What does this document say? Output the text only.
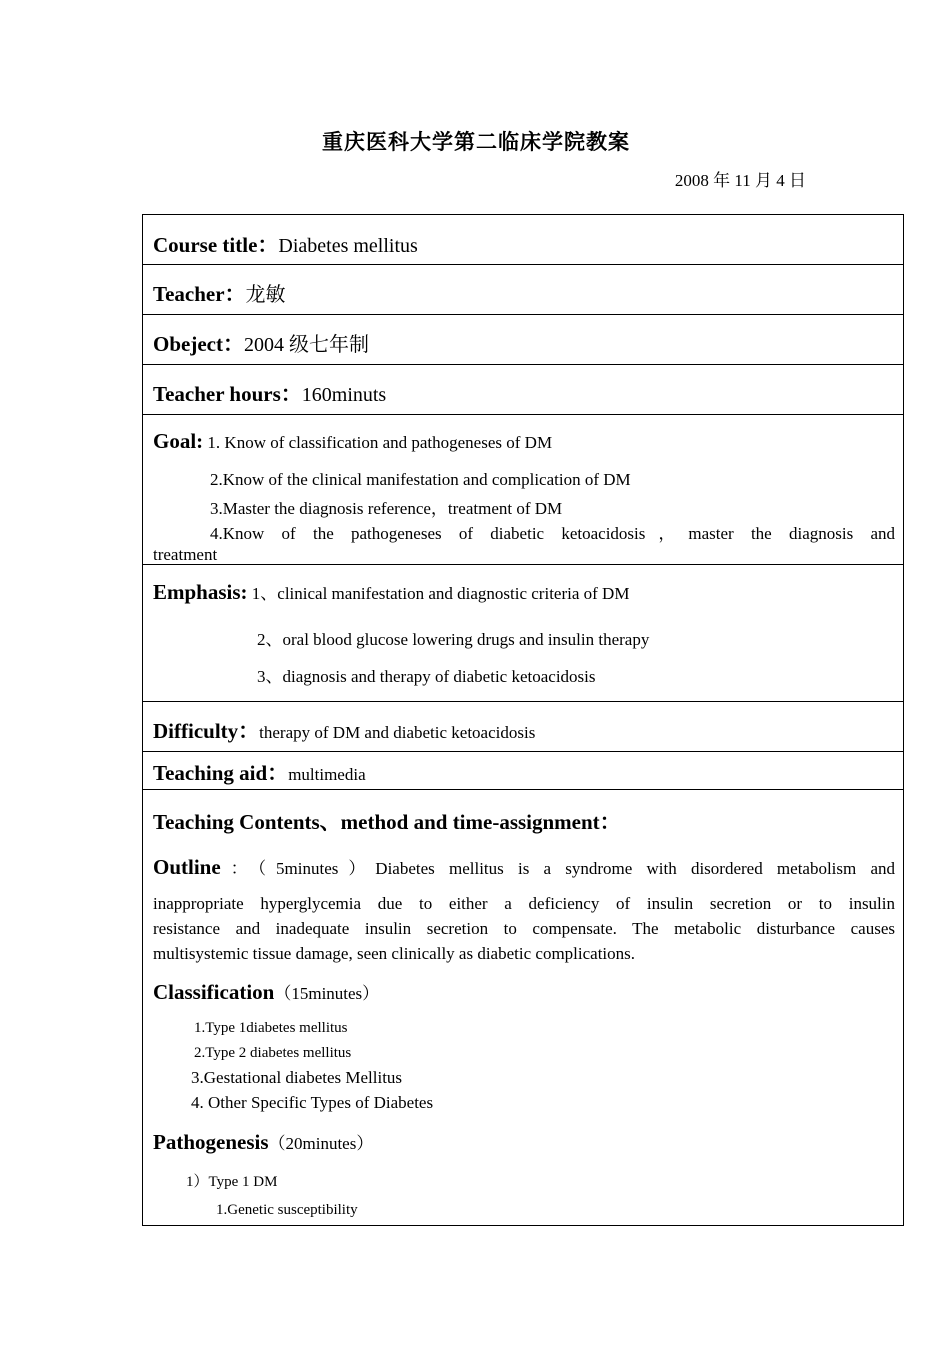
重庆医科大学第二临床学院教案
2008 年 11 月 4 日
Course title：Diabetes mellitus
Teacher：龙敏
Obeject：2004 级七年制
Teacher hours：160minuts
Goal: 1. Know of classification and pathogeneses of DM
2.Know of the clinical manifestation and complication of DM
3.Master the diagnosis reference，treatment of DM
4.Know of the pathogeneses of diabetic ketoacidosis，master the diagnosis and
treatment
Emphasis: 1、clinical manifestation and diagnostic criteria of DM
2、oral blood glucose lowering drugs and insulin therapy
3、diagnosis and therapy of diabetic ketoacidosis
Difficulty：therapy of DM and diabetic ketoacidosis
Teaching aid：multimedia
Teaching Contents、method and time-assignment：
Outline：（5minutes）Diabetes mellitus is a syndrome with disordered metabolism and
inappropriate hyperglycemia due to either a deficiency of insulin secretion or to insulin
resistance and inadequate insulin secretion to compensate. The metabolic disturbance causes
multisystemic tissue damage, seen clinically as diabetic complications.
Classification（15minutes）
1.Type 1diabetes mellitus
2.Type 2 diabetes mellitus
3.Gestational diabetes Mellitus
4. Other Specific Types of Diabetes
Pathogenesis（20minutes）
1）Type 1 DM
1.Genetic susceptibility
